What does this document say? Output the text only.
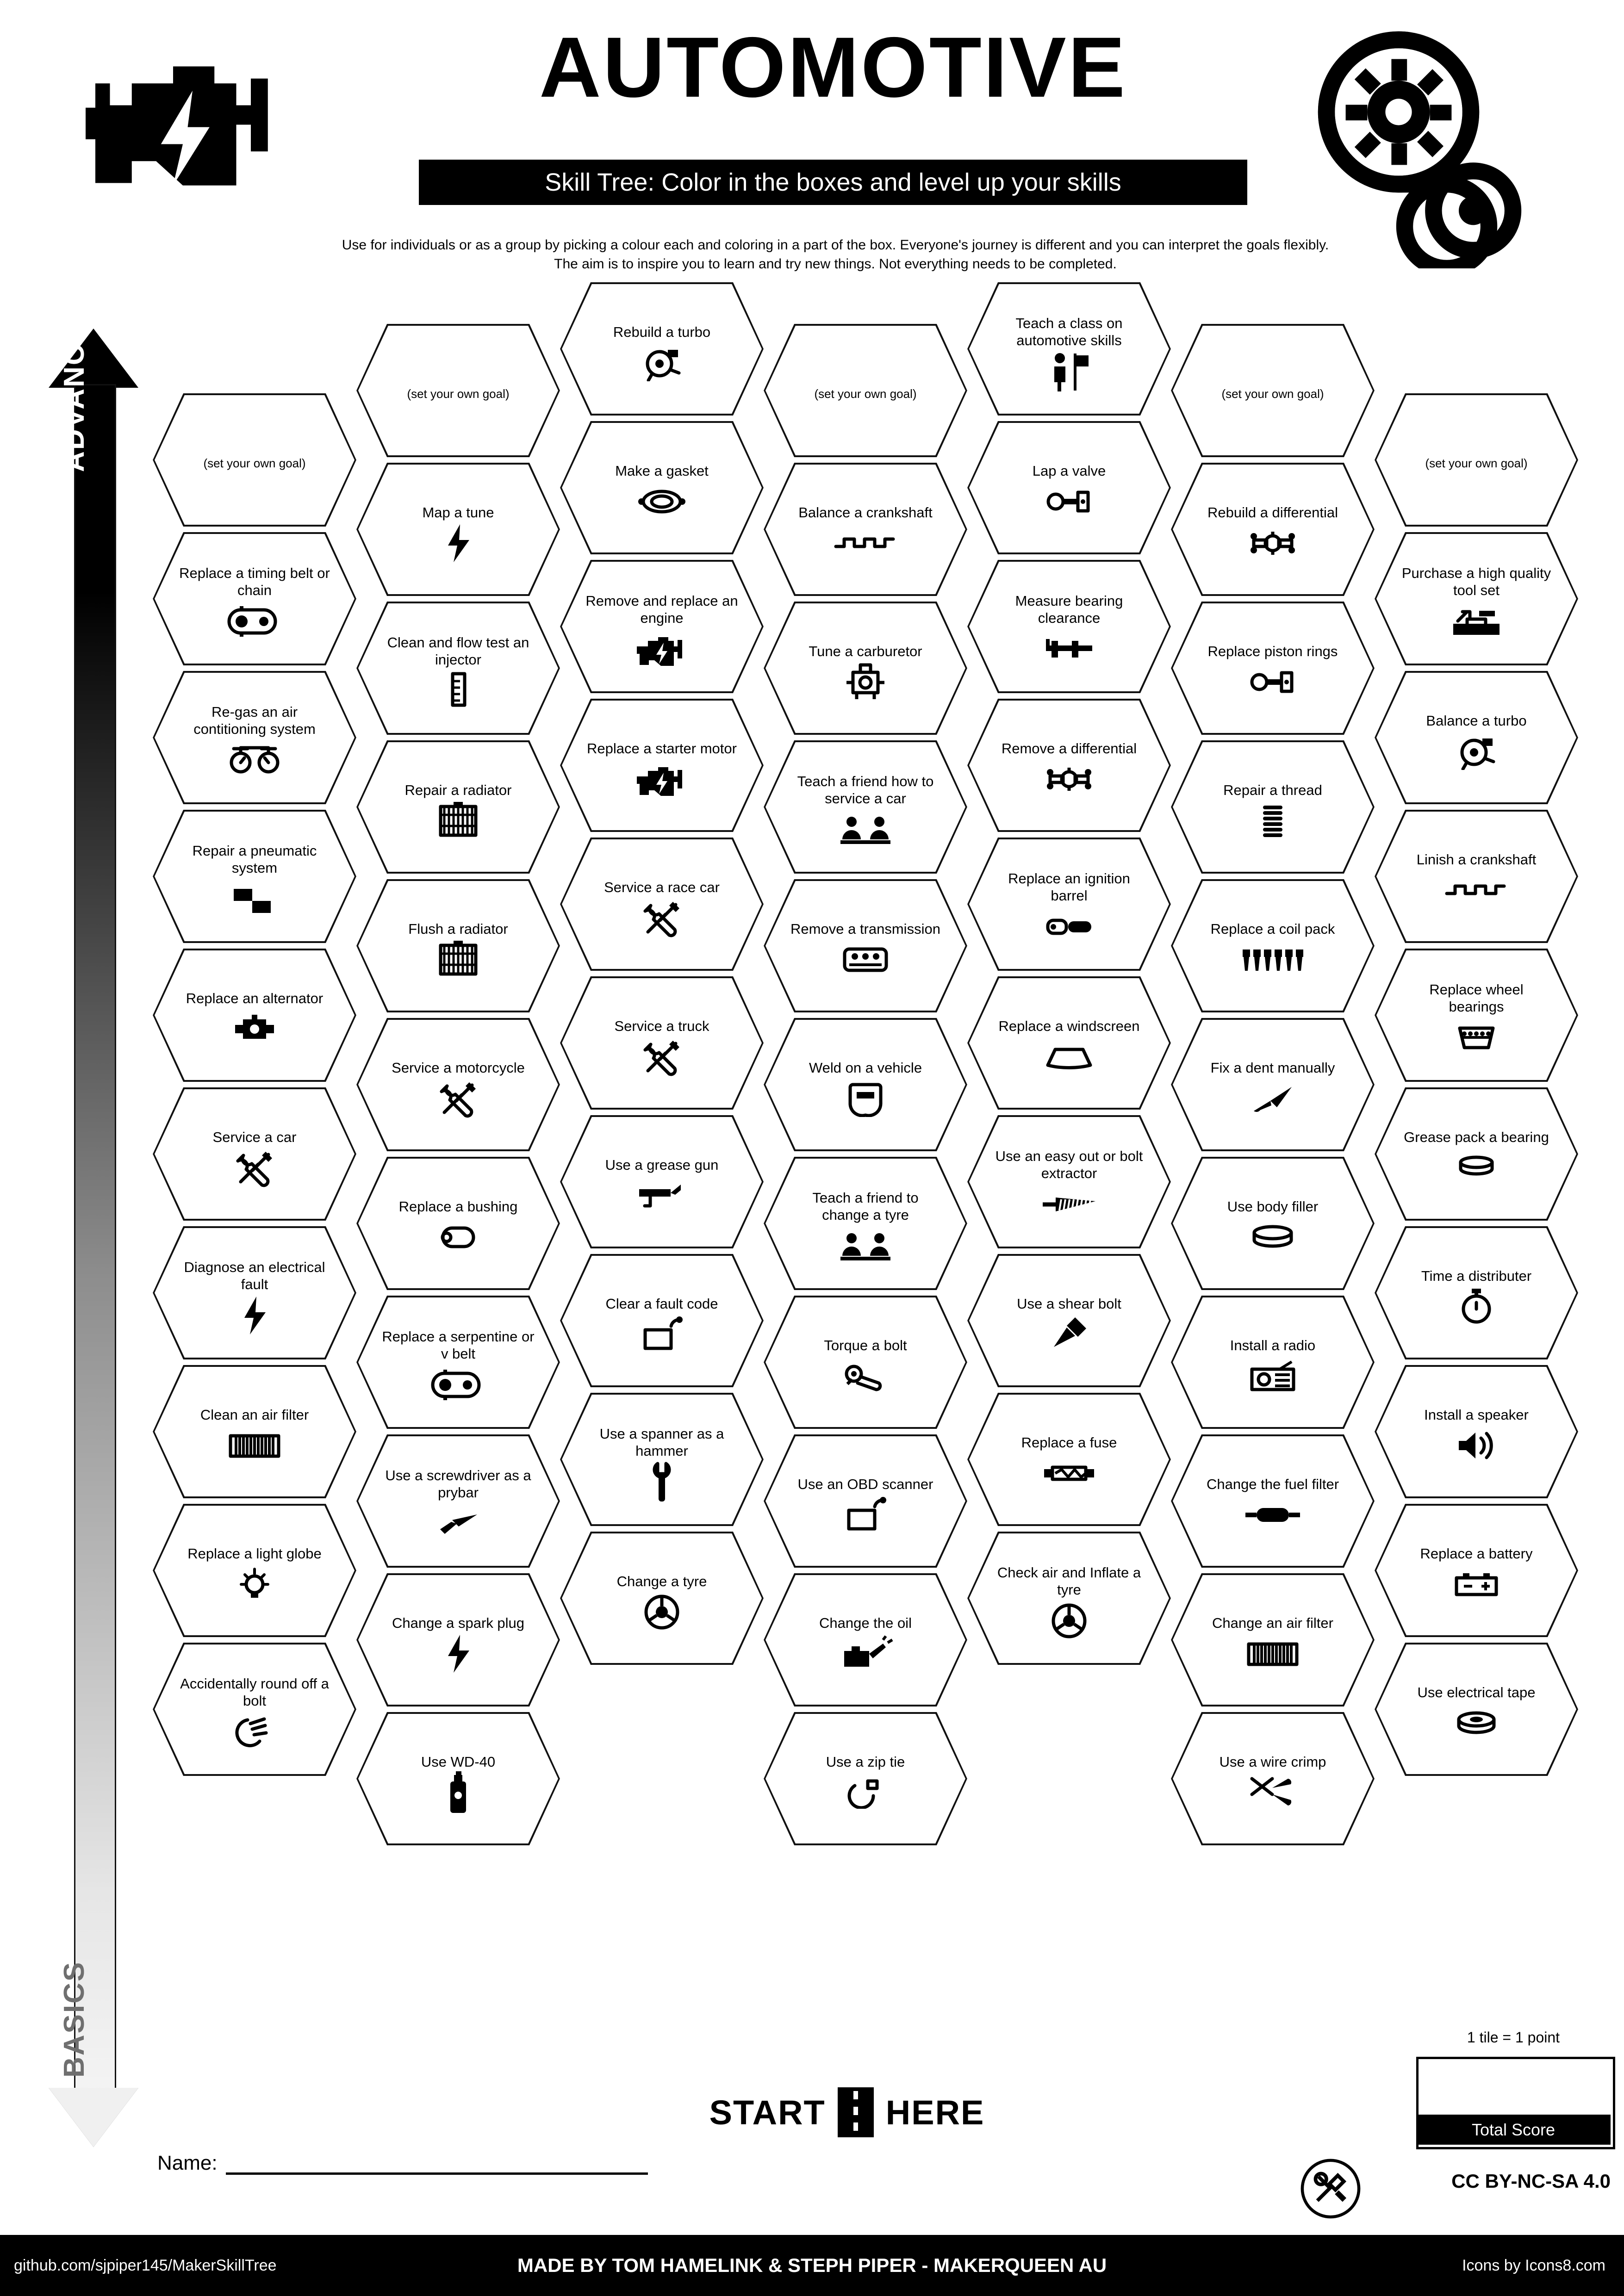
AUTOMOTIVE
Skill Tree: Color in the boxes and level up your skills
Use for individuals or as a group by picking a colour each and coloring in a part of the box. Everyone's journey is different and you can interpret the goals flexibly. The aim is to inspire you to learn and try new things. Not everything needs to be completed.
ADVANCED
BASICS
(set your own goal)
Replace a timing belt or chain
Re-gas an air contitioning system
Repair a pneumatic system
Replace an alternator
Service a car
Diagnose an electrical fault
Clean an air filter
Replace a light globe
Accidentally round off a bolt
(set your own goal)
Map a tune
Clean and flow test an injector
Repair a radiator
Flush a radiator
Service a motorcycle
Replace a bushing
Replace a serpentine or v belt
Use a screwdriver as a prybar
Change a spark plug
Use WD-40
Rebuild a turbo
Make a gasket
Remove and replace an engine
Replace a starter motor
Service a race car
Service a truck
Use a grease gun
Clear a fault code
Use a spanner as a hammer
Change a tyre
(set your own goal)
Balance a crankshaft
Tune a carburetor
Teach a friend how to service a car
Remove a transmission
Weld on a vehicle
Teach a friend to change a tyre
Torque a bolt
Use an OBD scanner
Change the oil
Use a zip tie
Teach a class on automotive skills
Lap a valve
Measure bearing clearance
Remove a differential
Replace an ignition barrel
Replace a windscreen
Use an easy out or bolt extractor
Use a shear bolt
Replace a fuse
Check air and Inflate a tyre
(set your own goal)
Rebuild a differential
Replace piston rings
Repair a thread
Replace a coil pack
Fix a dent manually
Use body filler
Install a radio
Change the fuel filter
Change an air filter
Use a wire crimp
(set your own goal)
Purchase a high quality tool set
Balance a turbo
Linish a crankshaft
Replace wheel bearings
Grease pack a bearing
Time a distributer
Install a speaker
Replace a battery
Use electrical tape
START HERE
Name:
1 tile = 1 point
Total Score
CC BY-NC-SA 4.0
github.com/sjpiper145/MakerSkillTree	MADE BY TOM HAMELINK & STEPH PIPER - MAKERQUEEN AU	Icons by Icons8.com
